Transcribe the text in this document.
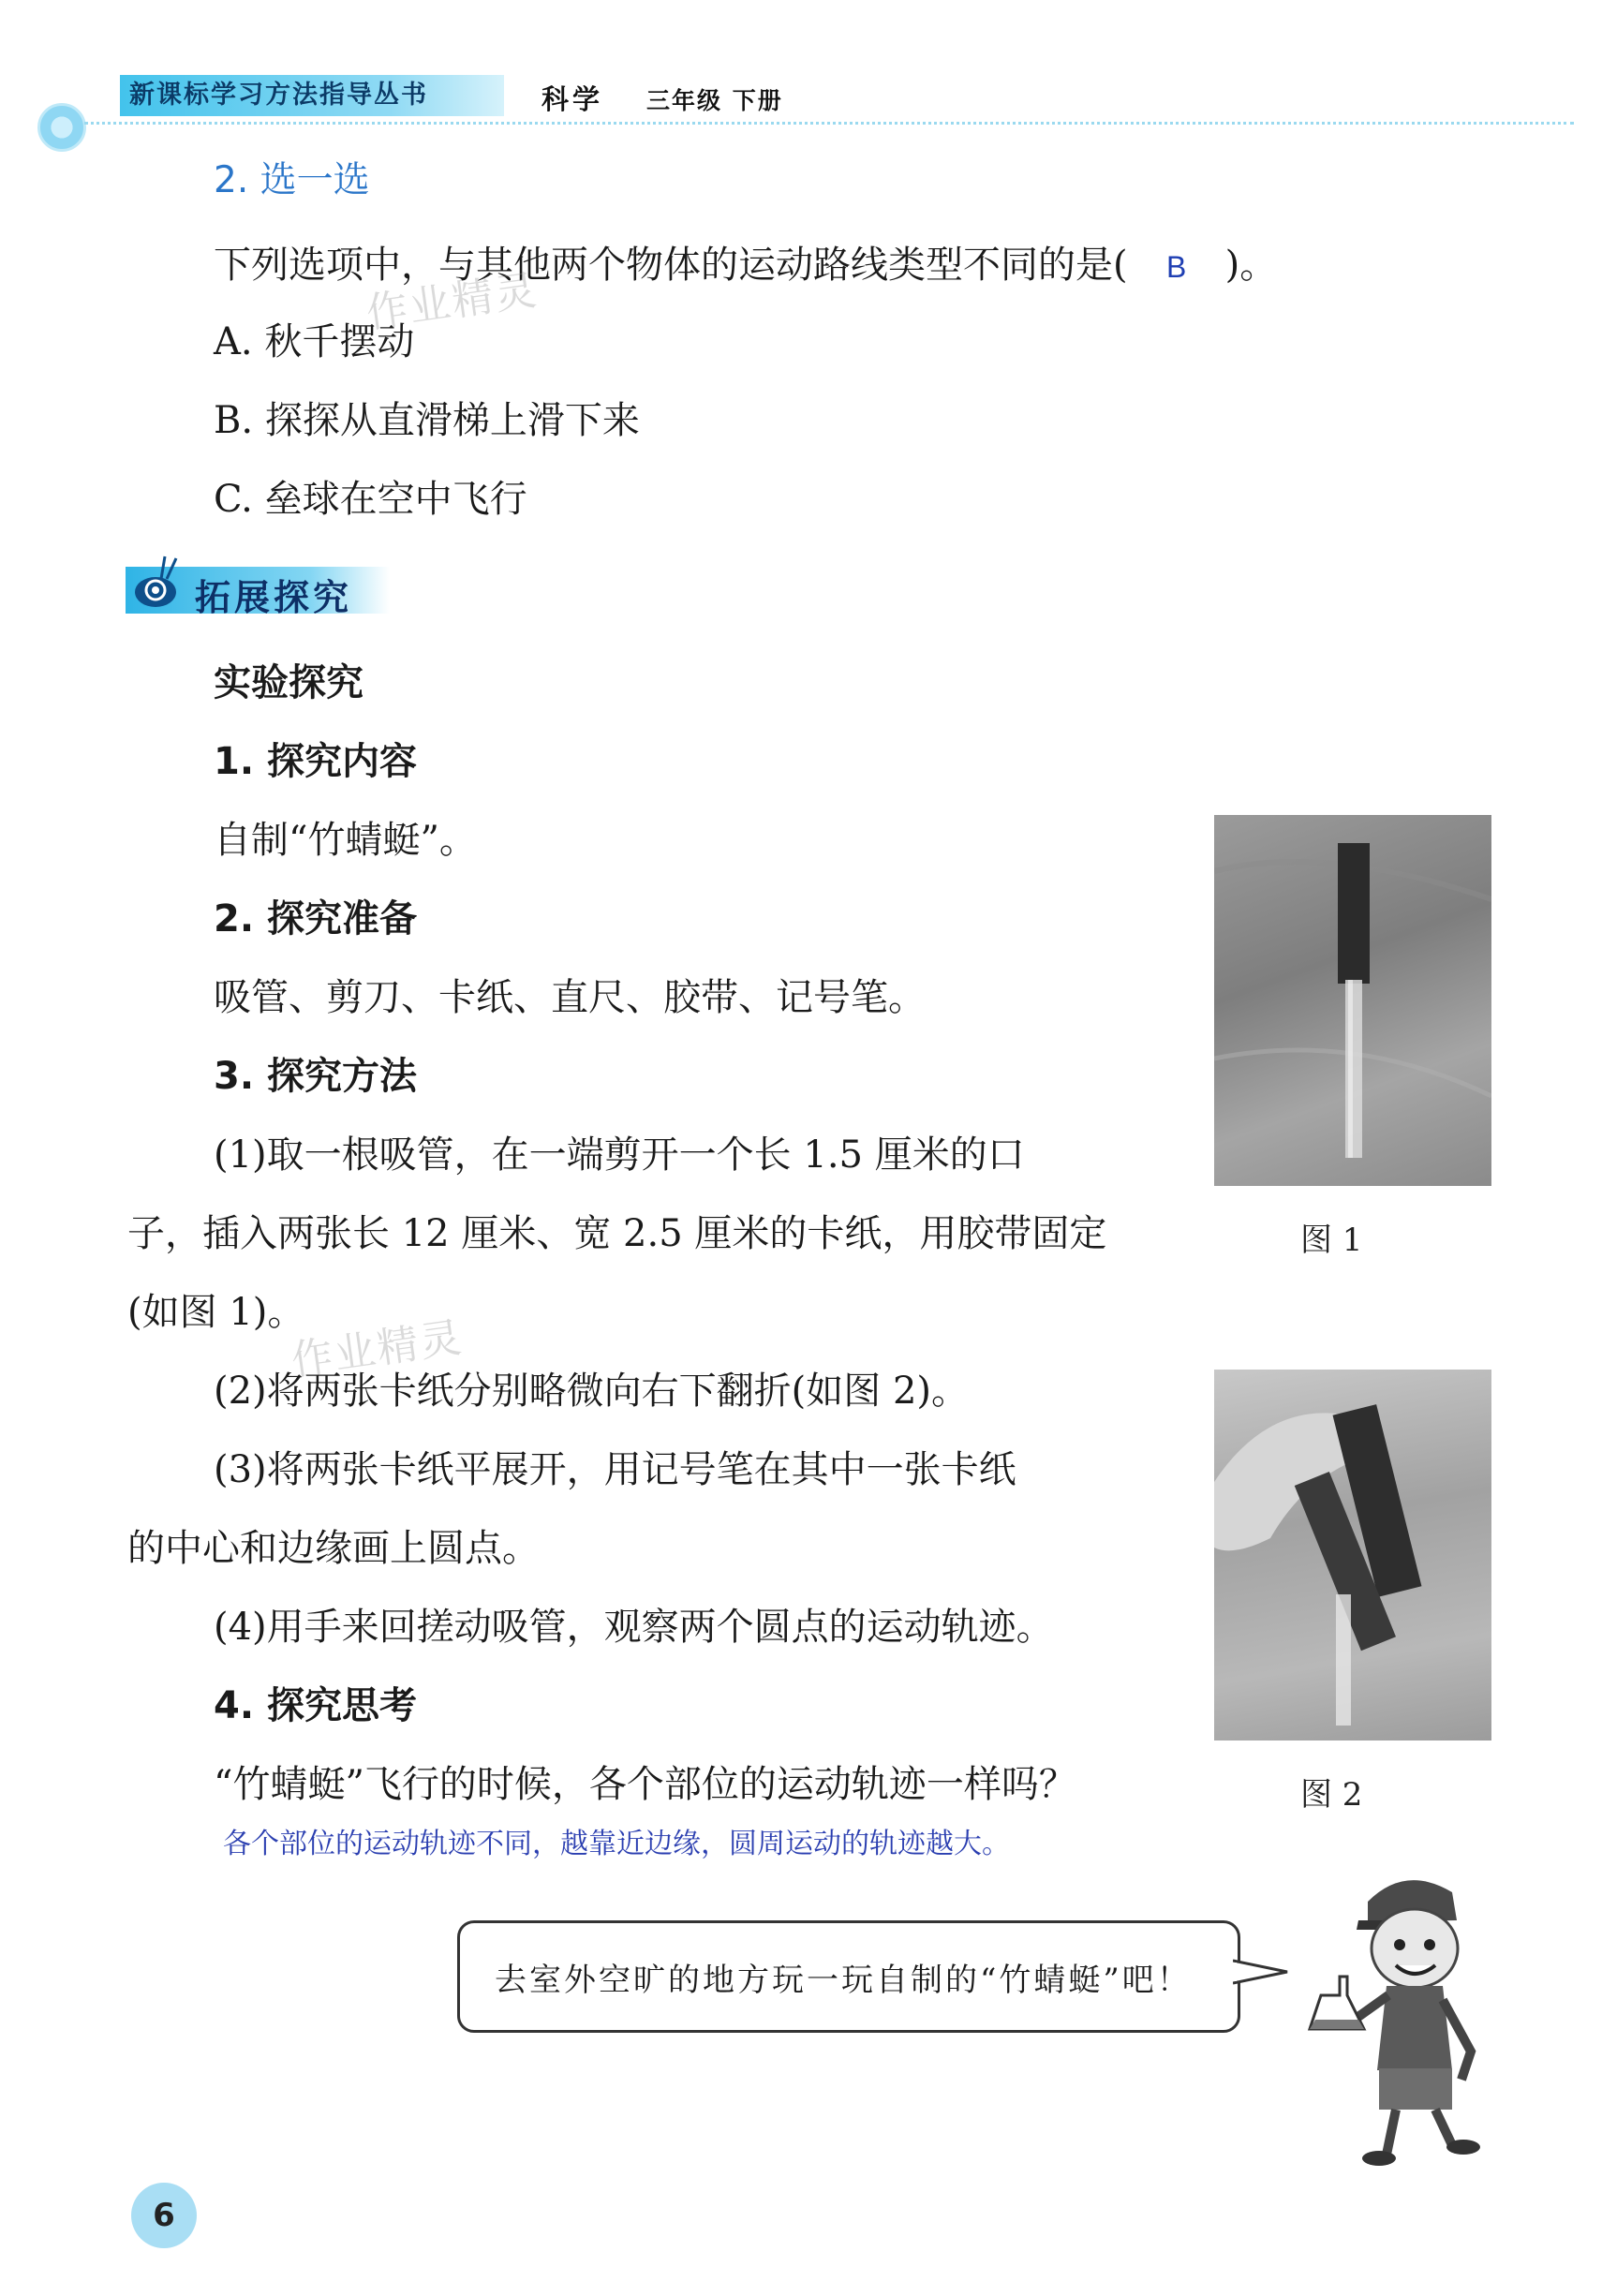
新课标学习方法指导丛书	科学 三年级 下册
2. 选一选
下列选项中，与其他两个物体的运动路线类型不同的是( B )。
A. 秋千摆动
B. 探探从直滑梯上滑下来
C. 垒球在空中飞行
拓展探究
实验探究
1. 探究内容
自制“竹蜻蜓”。
2. 探究准备
吸管、剪刀、卡纸、直尺、胶带、记号笔。
3. 探究方法
(1)取一根吸管，在一端剪开一个长 1.5 厘米的口
子，插入两张长 12 厘米、宽 2.5 厘米的卡纸，用胶带固定
(如图 1)。
(2)将两张卡纸分别略微向右下翻折(如图 2)。
(3)将两张卡纸平展开，用记号笔在其中一张卡纸
的中心和边缘画上圆点。
(4)用手来回搓动吸管，观察两个圆点的运动轨迹。
4. 探究思考
“竹蜻蜓”飞行的时候，各个部位的运动轨迹一样吗？
各个部位的运动轨迹不同，越靠近边缘，圆周运动的轨迹越大。
作业精灵
作业精灵
图 1
图 2
去室外空旷的地方玩一玩自制的“竹蜻蜓”吧！
6
